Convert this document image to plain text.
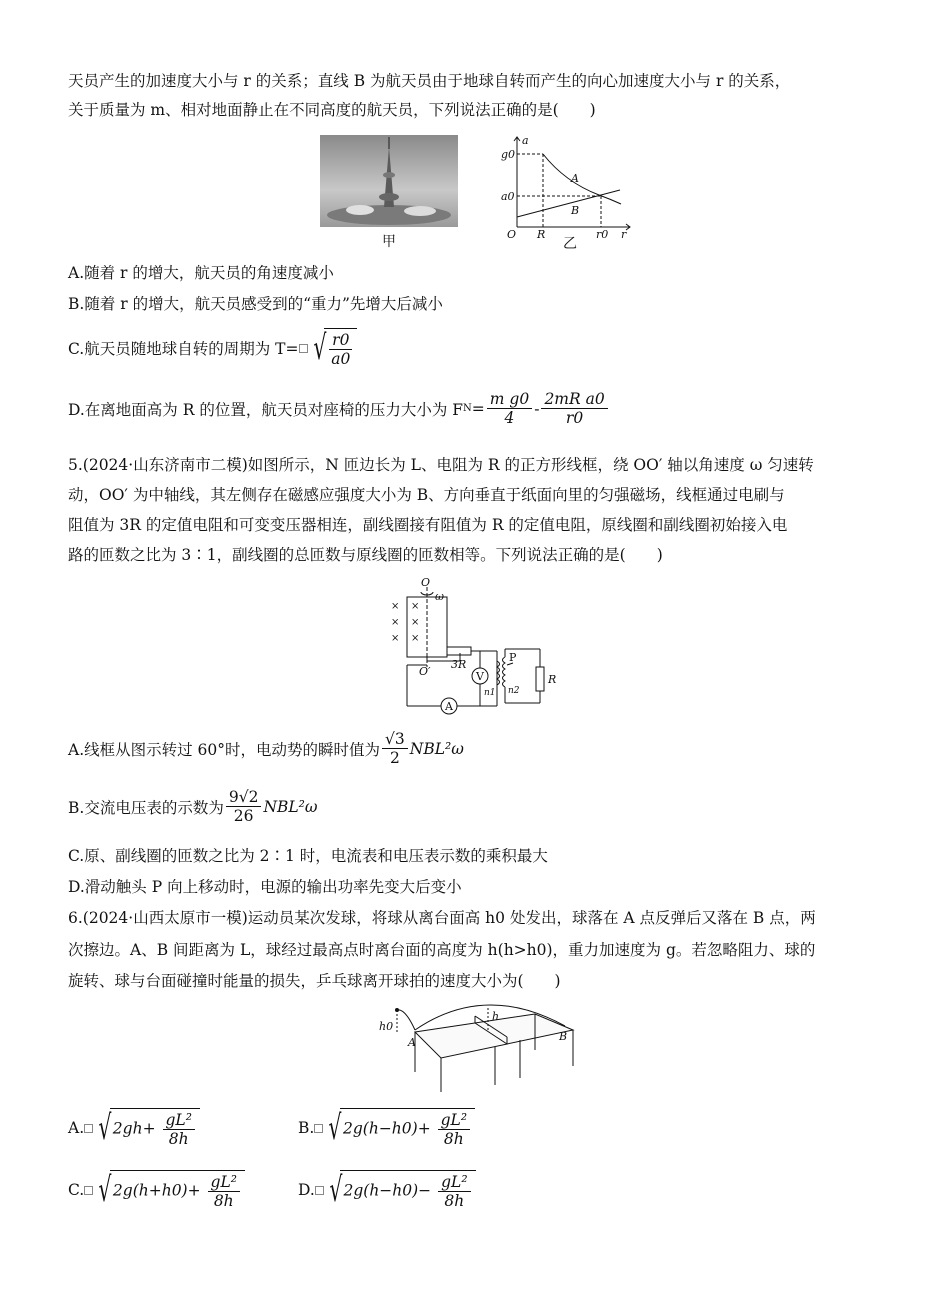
天员产生的加速度大小与 r 的关系；直线 B 为航天员由于地球自转而产生的向心加速度大小与 r 的关系，
关于质量为 m、相对地面静止在不同高度的航天员，下列说法正确的是(　　)
甲
a
g0
a0
O R	r0 r
A
B
乙
A.随着 r 的增大，航天员的角速度减小
B.随着 r 的增大，航天员感受到的“重力”先增大后减小
C.航天员随地球自转的周期为 T= √ $\frac{r0}{a0}$
D.在离地面高为 R 的位置，航天员对座椅的压力大小为 F $N = \frac{\text{m g0}}{4} - \frac{\text{2mR a0}}{r0}$
5.(2024·山东济南市二模)如图所示，N 匝边长为 L、电阻为 R 的正方形线框，绕 OO′ 轴以角速度 ω 匀速转
动，OO′ 为中轴线，其左侧存在磁感应强度大小为 B、方向垂直于纸面向里的匀强磁场，线框通过电刷与
阻值为 3R 的定值电阻和可变变压器相连，副线圈接有阻值为 R 的定值电阻，原线圈和副线圈初始接入电
路的匝数之比为 3∶1，副线圈的总匝数与原线圈的匝数相等。下列说法正确的是(　　)
×
×
×
×
×
×
O
ω
O′
3R
V
A
P
n1 n2
R
A.线框从图示转过 60°时，电动势的瞬时值为 $\frac{√3}{2} NBL^2\omega$
B.交流电压表的示数为 $\frac{9√2}{26} NBL^2\omega$
C.原、副线圈的匝数之比为 2∶1 时，电流表和电压表示数的乘积最大
D.滑动触头 P 向上移动时，电源的输出功率先变大后变小
6.(2024·山西太原市一模)运动员某次发球，将球从离台面高 h0 处发出，球落在 A 点反弹后又落在 B 点，两
次擦边。A、B 间距离为 L，球经过最高点时离台面的高度为 h(h>h0)，重力加速度为 g。若忽略阻力、球的
旋转、球与台面碰撞时能量的损失，乒乓球离开球拍的速度大小为(　　)
h0
h
A	B
A. √ $2gh+ \frac{\text{gL²}}{8h}$	B. √ $2g(h-h0)+ \frac{\text{gL²}}{8h}$
C. √ $2g(h+h0)+ \frac{\text{gL²}}{8h}$	D. √ $2g(h-h0)- \frac{\text{gL²}}{8h}$
